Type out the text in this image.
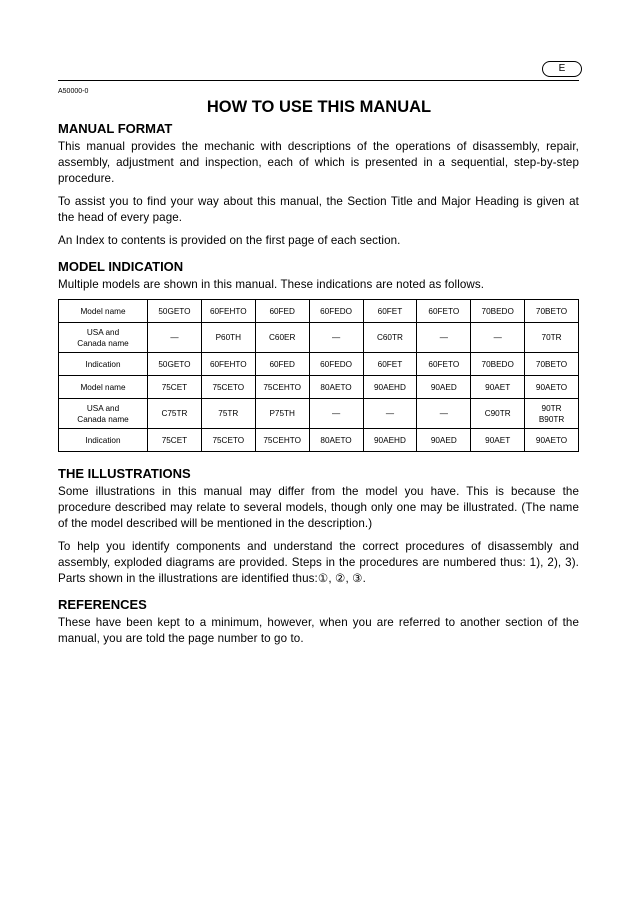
E
A50000-0
HOW TO USE THIS MANUAL
MANUAL FORMAT

This manual provides the mechanic with descriptions of the operations of disassembly, repair, assembly, adjustment and inspection, each of which is presented in a sequential, step-by-step procedure.

To assist you to find your way about this manual, the Section Title and Major Heading is given at the head of every page.

An Index to contents is provided on the first page of each section.

MODEL INDICATION

Multiple models are shown in this manual. These indications are noted as follows.

Model name	50GETO	60FEHTO	60FED	60FEDO	60FET	60FETO	70BEDO	70BETO
USA and
Canada name	—	P60TH	C60ER	—	C60TR	—	—	70TR
Indication	50GETO	60FEHTO	60FED	60FEDO	60FET	60FETO	70BEDO	70BETO
Model name	75CET	75CETO	75CEHTO	80AETO	90AEHD	90AED	90AET	90AETO
USA and
Canada name	C75TR	75TR	P75TH	—	—	—	C90TR	90TR
B90TR
Indication	75CET	75CETO	75CEHTO	80AETO	90AEHD	90AED	90AET	90AETO
THE ILLUSTRATIONS

Some illustrations in this manual may differ from the model you have. This is because the procedure described may relate to several models, though only one may be illustrated. (The name of the model described will be mentioned in the description.)

To help you identify components and understand the correct procedures of disassembly and assembly, exploded diagrams are provided. Steps in the procedures are numbered thus: 1), 2), 3). Parts shown in the illustrations are identified thus:①, ②, ③.

REFERENCES

These have been kept to a minimum, however, when you are referred to another section of the manual, you are told the page number to go to.
